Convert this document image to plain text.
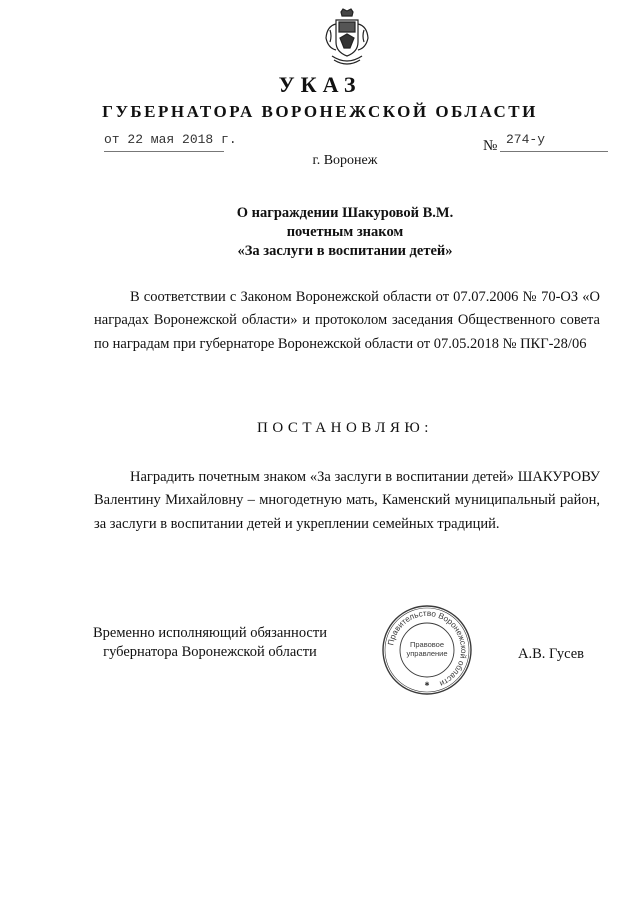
УКАЗ
ГУБЕРНАТОРА ВОРОНЕЖСКОЙ ОБЛАСТИ
от 22 мая 2018 г.	№ 274-у
г. Воронеж
О награждении Шакуровой В.М.
почетным знаком
«За заслуги в воспитании детей»
В соответствии с Законом Воронежской области от 07.07.2006 № 70-ОЗ «О наградах Воронежской области» и протоколом заседания Общественного совета по наградам при губернаторе Воронежской области от 07.05.2018 № ПКГ-28/06
ПОСТАНОВЛЯЮ:
Наградить почетным знаком «За заслуги в воспитании детей» ШАКУРОВУ Валентину Михайловну – многодетную мать, Каменский муниципальный район, за заслуги в воспитании детей и укреплении семейных традиций.
Временно исполняющий обязанности
губернатора Воронежской области
Правительство Воронежской области
✱
Правовое
управление	А.В. Гусев
